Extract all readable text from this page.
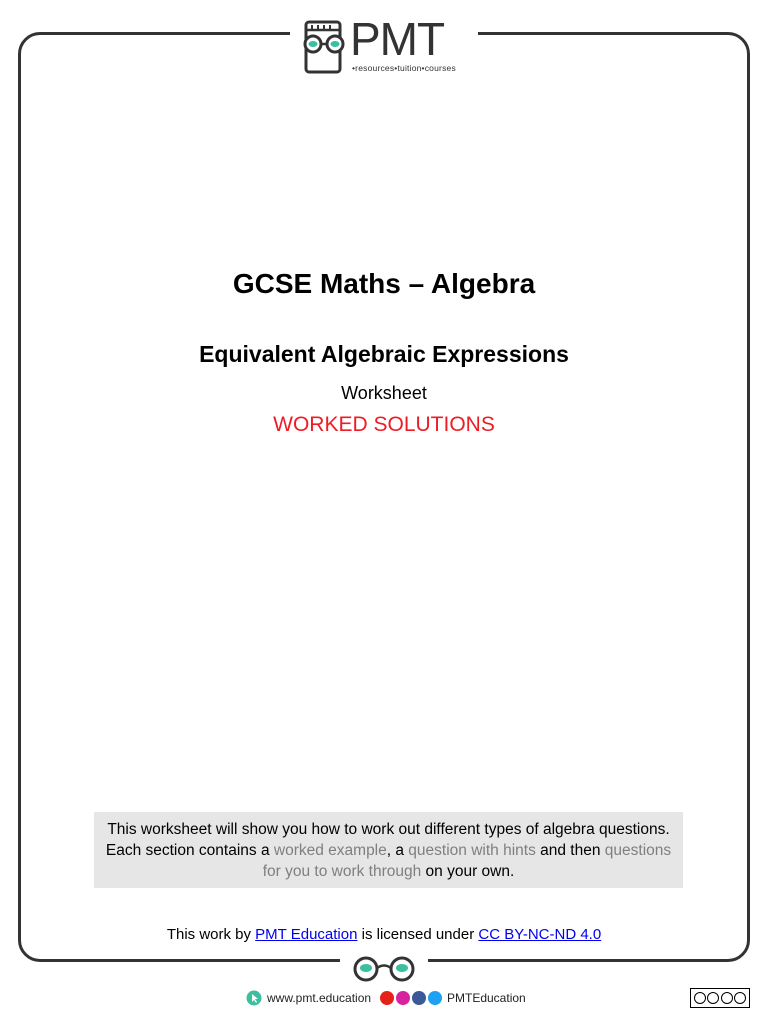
PMT
•resources•tuition•courses
GCSE Maths – Algebra
Equivalent Algebraic Expressions
Worksheet
WORKED SOLUTIONS
This worksheet will show you how to work out different types of algebra questions. Each section contains a worked example, a question with hints and then questions for you to work through on your own.
This work by PMT Education is licensed under CC BY-NC-ND 4.0
www.pmt.education	PMTEducation
